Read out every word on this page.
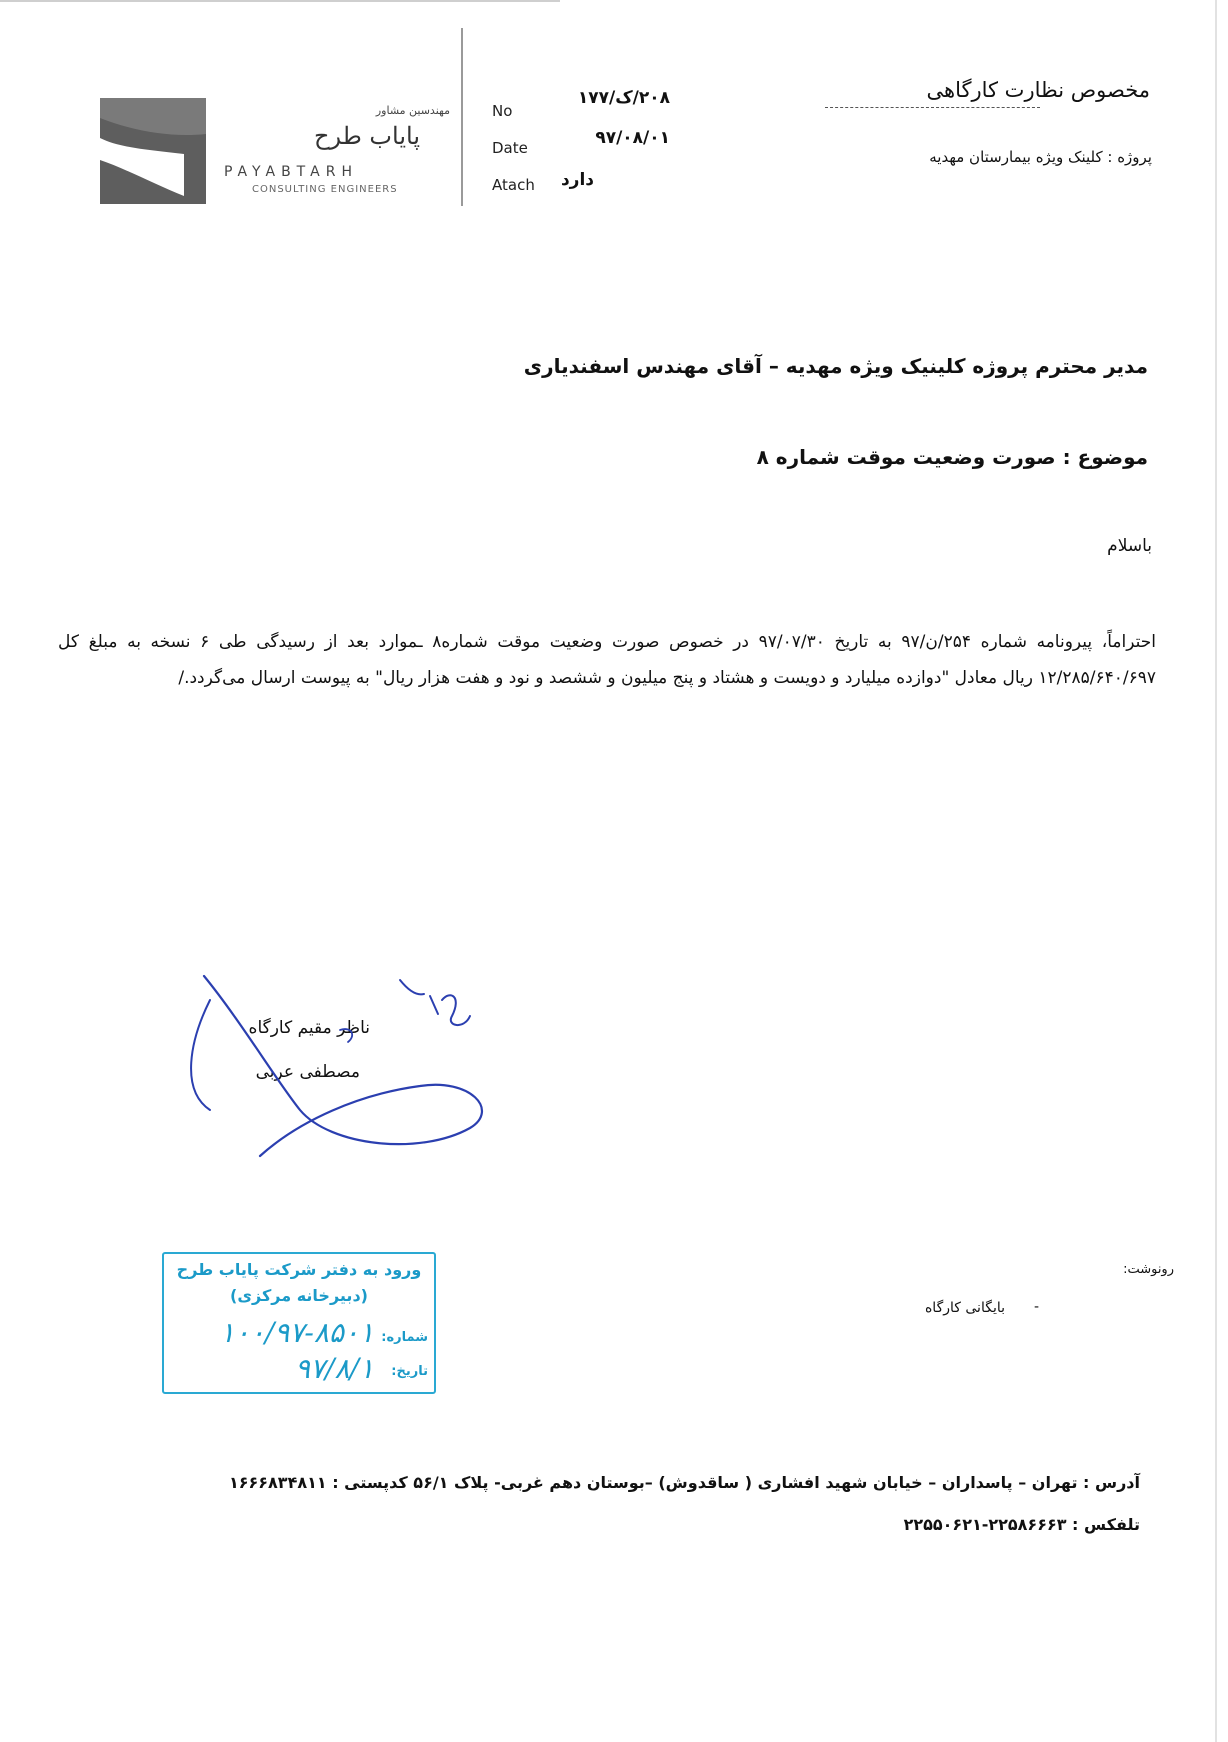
مهندسین مشاور
پایاب طرح
PAYABTARH
CONSULTING ENGINEERS
No
۲۰۸/ک/۱۷۷
Date	۹۷/۰۸/۰۱
Atach	دارد
مخصوص نظارت کارگاهی
پروژه : کلینک ویژه بیمارستان مهدیه
مدیر محترم پروژه کلینیک ویژه مهدیه – آقای مهندس اسفندیاری
موضوع : صورت وضعیت موقت شماره ۸
باسلام
احتراماً، پیرونامه شماره ۲۵۴/ن/۹۷ به تاریخ ۹۷/۰۷/۳۰ در خصوص صورت وضعیت موقت شماره۸ ـموارد بعد از رسیدگی طی ۶ نسخه به مبلغ کل ۱۲/۲۸۵/۶۴۰/۶۹۷ ریال معادل "دوازده میلیارد و دویست و هشتاد و پنج میلیون و ششصد و نود و هفت هزار ریال" به پیوست ارسال می‌گردد./
ناظر مقیم کارگاه
مصطفی عربی
ورود به دفتر شرکت پایاب طرح
(دبیرخانه مرکزی)
شماره:
۱۰۰/۹۷-۸۵۰۱
تاریخ:
۹۷/۸/۱
رونوشت:
-
بایگانی کارگاه
آدرس : تهران – پاسداران – خیابان شهید افشاری ( ساقدوش) –بوستان دهم غربی- پلاک ۵۶/۱ کدپستی : ۱۶۶۶۸۳۴۸۱۱
تلفکس : ۲۲۵۸۶۶۶۳-۲۲۵۵۰۶۲۱
